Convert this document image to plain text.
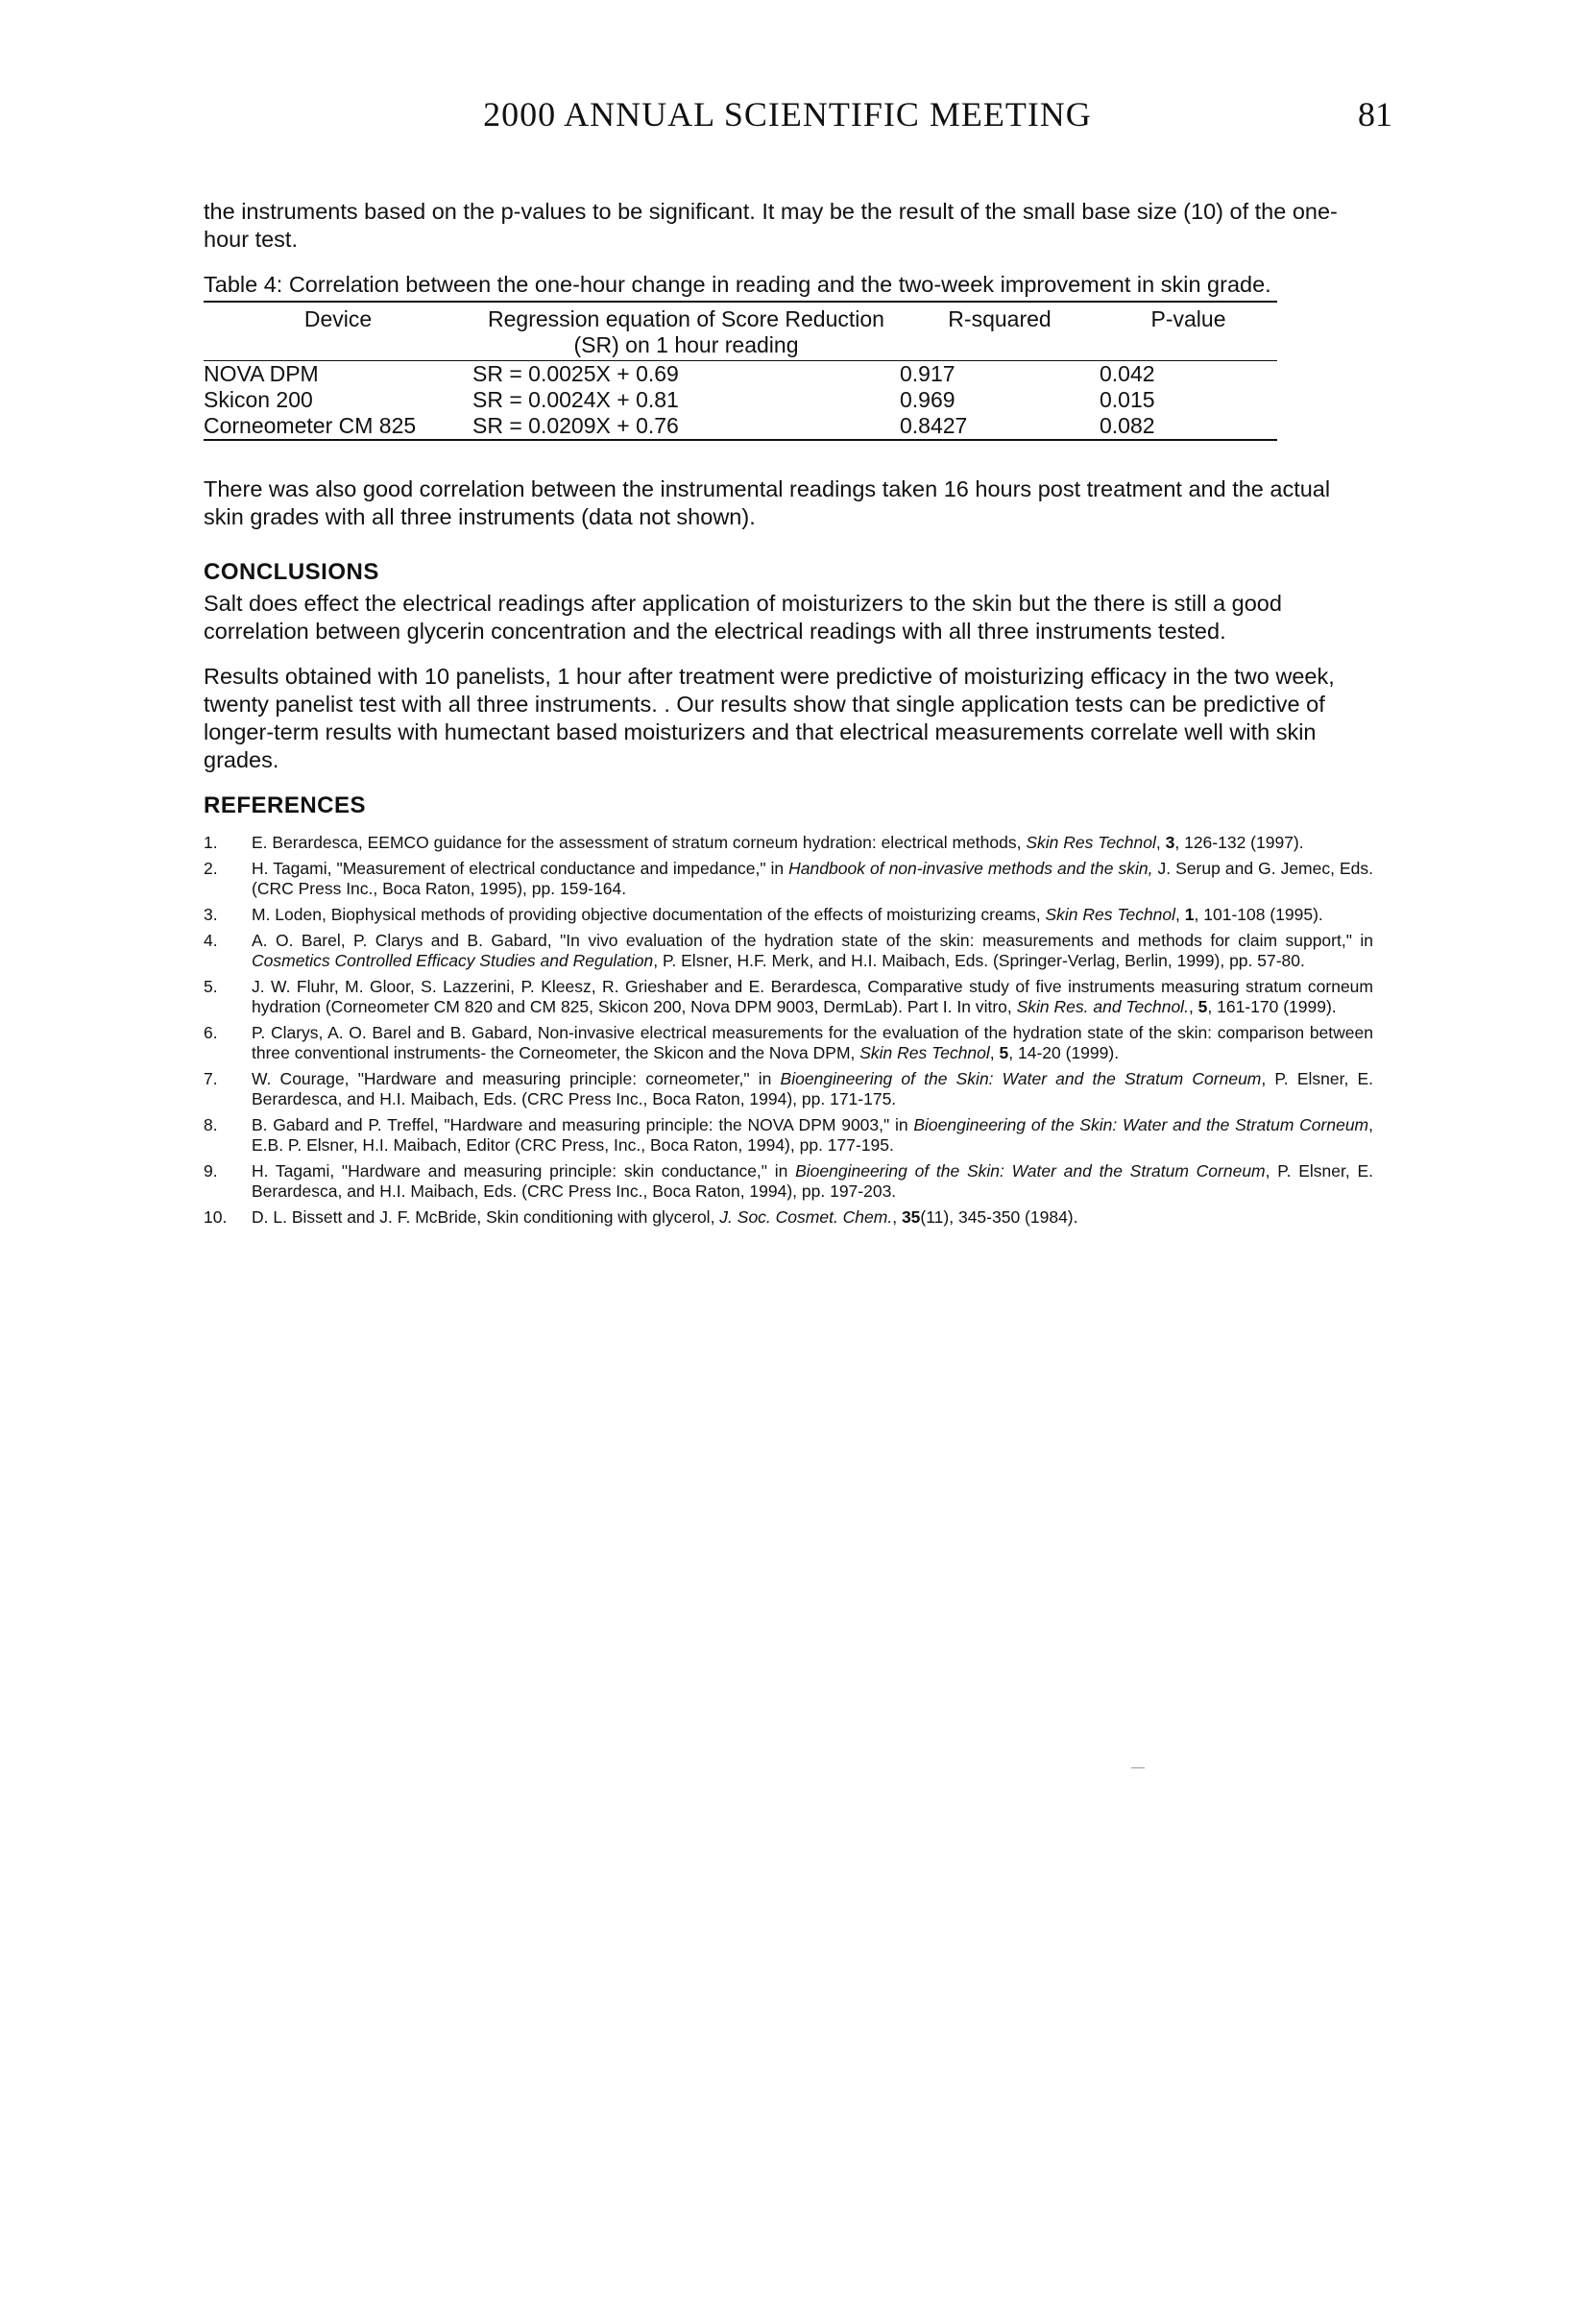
2000 ANNUAL SCIENTIFIC MEETING	81

the instruments based on the p-values to be significant. It may be the result of the small base size (10) of the one-hour test.

Table 4: Correlation between the one-hour change in reading and the two-week improvement in skin grade.

Device	Regression equation of Score Reduction (SR) on 1 hour reading	R-squared	P-value
NOVA DPM	SR = 0.0025X + 0.69	0.917	0.042
Skicon 200	SR = 0.0024X + 0.81	0.969	0.015
Corneometer CM 825	SR = 0.0209X + 0.76	0.8427	0.082

There was also good correlation between the instrumental readings taken 16 hours post treatment and the actual skin grades with all three instruments (data not shown).

CONCLUSIONS

Salt does effect the electrical readings after application of moisturizers to the skin but the there is still a good correlation between glycerin concentration and the electrical readings with all three instruments tested.

Results obtained with 10 panelists, 1 hour after treatment were predictive of moisturizing efficacy in the two week, twenty panelist test with all three instruments. . Our results show that single application tests can be predictive of longer-term results with humectant based moisturizers and that electrical measurements correlate well with skin grades.

REFERENCES
1.	E. Berardesca, EEMCO guidance for the assessment of stratum corneum hydration: electrical methods, Skin Res Technol, 3, 126-132 (1997).
2.	H. Tagami, "Measurement of electrical conductance and impedance," in Handbook of non-invasive methods and the skin, J. Serup and G. Jemec, Eds. (CRC Press Inc., Boca Raton, 1995), pp. 159-164.
3.	M. Loden, Biophysical methods of providing objective documentation of the effects of moisturizing creams, Skin Res Technol, 1, 101-108 (1995).
4.	A. O. Barel, P. Clarys and B. Gabard, "In vivo evaluation of the hydration state of the skin: measurements and methods for claim support," in Cosmetics Controlled Efficacy Studies and Regulation, P. Elsner, H.F. Merk, and H.I. Maibach, Eds. (Springer-Verlag, Berlin, 1999), pp. 57-80.
5.	J. W. Fluhr, M. Gloor, S. Lazzerini, P. Kleesz, R. Grieshaber and E. Berardesca, Comparative study of five instruments measuring stratum corneum hydration (Corneometer CM 820 and CM 825, Skicon 200, Nova DPM 9003, DermLab). Part I. In vitro, Skin Res. and Technol., 5, 161-170 (1999).
6.	P. Clarys, A. O. Barel and B. Gabard, Non-invasive electrical measurements for the evaluation of the hydration state of the skin: comparison between three conventional instruments- the Corneometer, the Skicon and the Nova DPM, Skin Res Technol, 5, 14-20 (1999).
7.	W. Courage, "Hardware and measuring principle: corneometer," in Bioengineering of the Skin: Water and the Stratum Corneum, P. Elsner, E. Berardesca, and H.I. Maibach, Eds. (CRC Press Inc., Boca Raton, 1994), pp. 171-175.
8.	B. Gabard and P. Treffel, "Hardware and measuring principle: the NOVA DPM 9003," in Bioengineering of the Skin: Water and the Stratum Corneum, E.B. P. Elsner, H.I. Maibach, Editor (CRC Press, Inc., Boca Raton, 1994), pp. 177-195.
9.	H. Tagami, "Hardware and measuring principle: skin conductance," in Bioengineering of the Skin: Water and the Stratum Corneum, P. Elsner, E. Berardesca, and H.I. Maibach, Eds. (CRC Press Inc., Boca Raton, 1994), pp. 197-203.
10.	D. L. Bissett and J. F. McBride, Skin conditioning with glycerol, J. Soc. Cosmet. Chem., 35(11), 345-350 (1984).
